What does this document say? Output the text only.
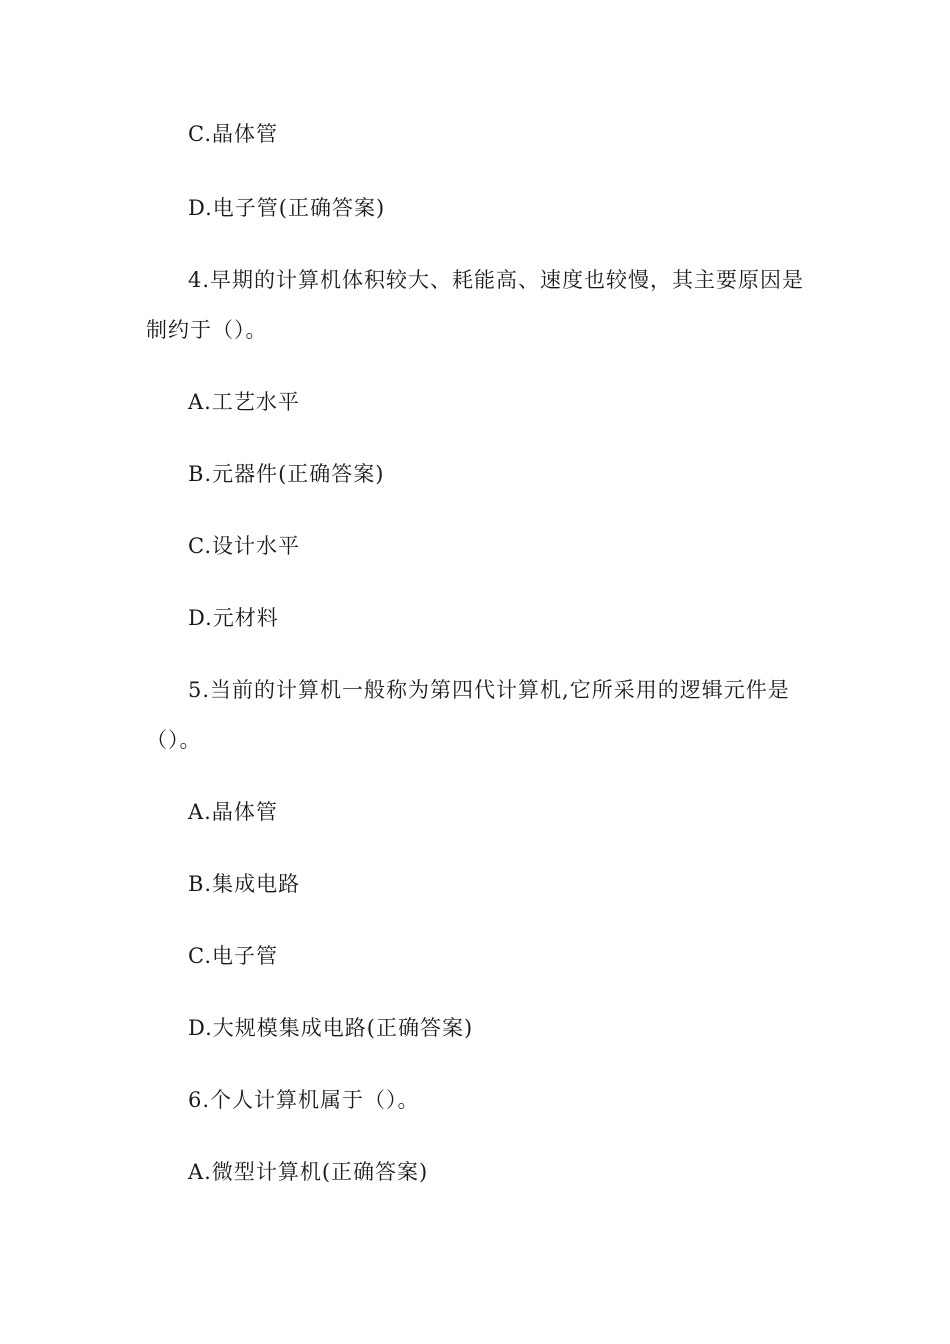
C.晶体管
D.电子管(正确答案)
4.早期的计算机体积较大、耗能高、速度也较慢，其主要原因是
制约于（）。
A.工艺水平
B.元器件(正确答案)
C.设计水平
D.元材料
5.当前的计算机一般称为第四代计算机,它所采用的逻辑元件是
（）。
A.晶体管
B.集成电路
C.电子管
D.大规模集成电路(正确答案)
6.个人计算机属于（）。
A.微型计算机(正确答案)
